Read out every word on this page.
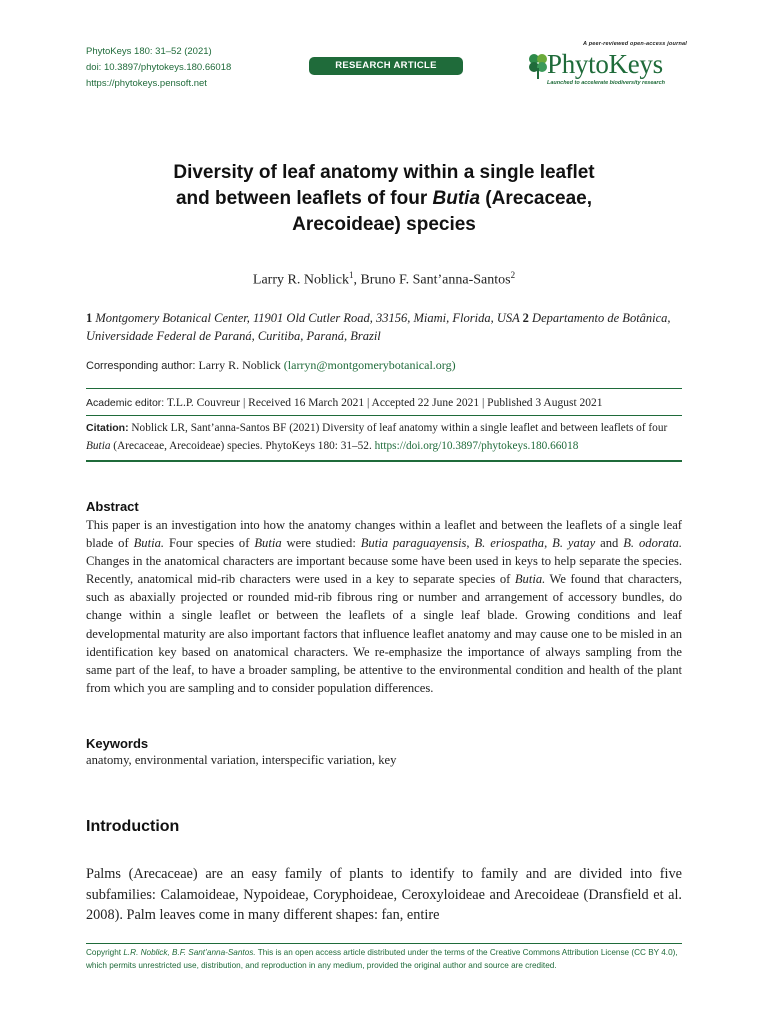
PhytoKeys 180: 31–52 (2021)
doi: 10.3897/phytokeys.180.66018
https://phytokeys.pensoft.net
RESEARCH ARTICLE
A peer-reviewed open-access journal
PhytoKeys
Launched to accelerate biodiversity research
Diversity of leaf anatomy within a single leaflet
and between leaflets of four Butia (Arecaceae,
Arecoideae) species
Larry R. Noblick$^1$, Bruno F. Sant’anna-Santos$^2$
1 Montgomery Botanical Center, 11901 Old Cutler Road, 33156, Miami, Florida, USA 2 Departamento de Botânica, Universidade Federal de Paraná, Curitiba, Paraná, Brazil
Corresponding author: Larry R. Noblick (larryn@montgomerybotanical.org)
Academic editor: T.L.P. Couvreur | Received 16 March 2021 | Accepted 22 June 2021 | Published 3 August 2021
Citation: Noblick LR, Sant’anna-Santos BF (2021) Diversity of leaf anatomy within a single leaflet and between leaflets of four Butia (Arecaceae, Arecoideae) species. PhytoKeys 180: 31–52. https://doi.org/10.3897/phytokeys.180.66018
Abstract
This paper is an investigation into how the anatomy changes within a leaflet and between the leaflets of a single leaf blade of Butia. Four species of Butia were studied: Butia paraguayensis, B. eriospatha, B. yatay and B. odorata. Changes in the anatomical characters are important because some have been used in keys to help separate the species. Recently, anatomical mid-rib characters were used in a key to separate species of Butia. We found that characters, such as abaxially projected or rounded mid-rib fibrous ring or number and arrangement of accessory bundles, do change within a single leaflet or between the leaflets of a single leaf blade. Growing conditions and leaf developmental maturity are also important factors that influence leaflet anatomy and may cause one to be misled in an identification key based on anatomical characters. We re-emphasize the importance of always sampling from the same part of the leaf, to have a broader sampling, be attentive to the environmental condition and health of the plant from which you are sampling and to consider population differences.
Keywords
anatomy, environmental variation, interspecific variation, key
Introduction
Palms (Arecaceae) are an easy family of plants to identify to family and are divided into five subfamilies: Calamoideae, Nypoideae, Coryphoideae, Ceroxyloideae and Arecoideae (Dransfield et al. 2008). Palm leaves come in many different shapes: fan, entire
Copyright L.R. Noblick, B.F. Sant’anna-Santos. This is an open access article distributed under the terms of the Creative Commons Attribution License (CC BY 4.0), which permits unrestricted use, distribution, and reproduction in any medium, provided the original author and source are credited.
